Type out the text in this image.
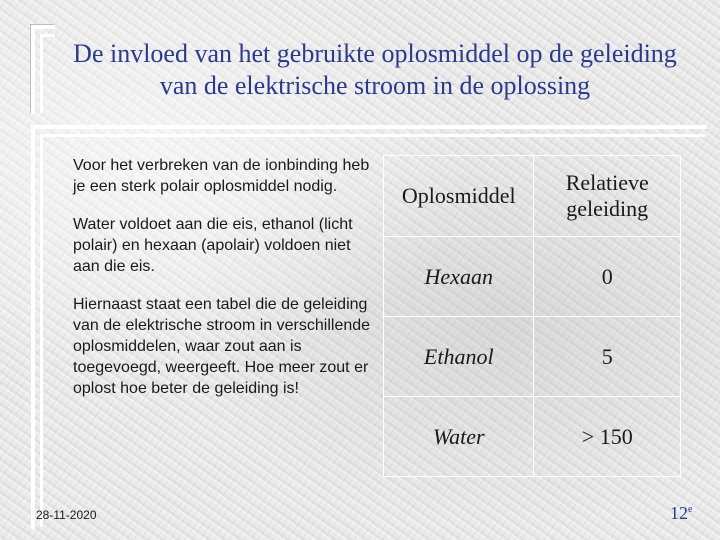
De invloed van het gebruikte oplosmiddel op de geleiding van de elektrische stroom in de oplossing

Voor het verbreken van de ionbinding heb je een sterk polair oplosmiddel nodig.

Water voldoet aan die eis, ethanol (licht polair) en hexaan (apolair) voldoen niet aan die eis.

Hiernaast staat een tabel die de geleiding van de elektrische stroom in verschillende oplosmiddelen, waar zout aan is toegevoegd, weergeeft. Hoe meer zout er oplost hoe beter de geleiding is!

Oplosmiddel	Relatieve geleiding
Hexaan	0
Ethanol	5
Water	> 150
28-11-2020	12e
